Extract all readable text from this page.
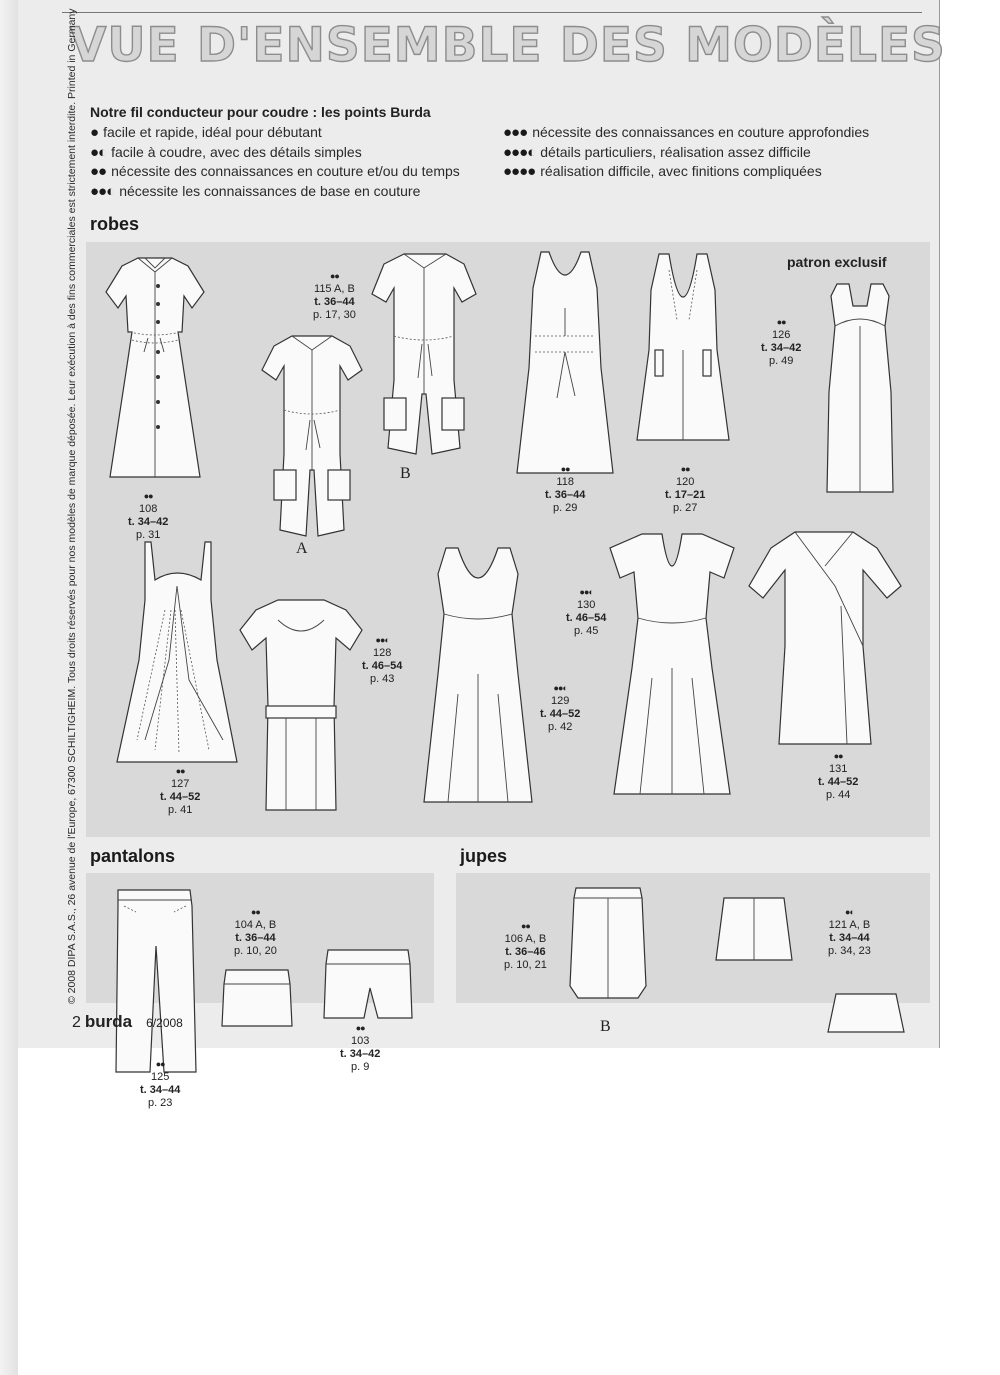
VUE D'ENSEMBLE DES MODÈLES
Notre fil conducteur pour coudre : les points Burda
● facile et rapide, idéal pour débutant
●◐ facile à coudre, avec des détails simples
●● nécessite des connaissances en couture et/ou du temps
●●◐ nécessite les connaissances de base en couture
●●● nécessite des connaissances en couture approfondies
●●●◐ détails particuliers, réalisation assez difficile
●●●● réalisation difficile, avec finitions compliquées
© 2008 DIPA S.A.S., 26 avenue de l'Europe, 67300 SCHILTIGHEIM. Tous droits réservés pour nos modèles de marque déposée. Leur exécution à des fins commerciales est strictement interdite. Printed in Germany robes
patron exclusif
●●
108
t. 34–42
p. 31
A
B
●●
115 A, B
t. 36–44
p. 17, 30
●●
118
t. 36–44
p. 29
●●
120
t. 17–21
p. 27
●●
126
t. 34–42
p. 49
●●
127
t. 44–52
p. 41
●●◐
128
t. 46–54
p. 43
●●◐
129
t. 44–52
p. 42
●●◐
130
t. 46–54
p. 45
●●
131
t. 44–52
p. 44
pantalons
●●
125
t. 34–44
p. 23
●●
104 A, B
t. 36–44
p. 10, 20
●●
103
t. 34–42
p. 9
jupes
B
●●
106 A, B
t. 36–46
p. 10, 21
●◐
121 A, B
t. 34–44
p. 34, 23
2 burda 6/2008
